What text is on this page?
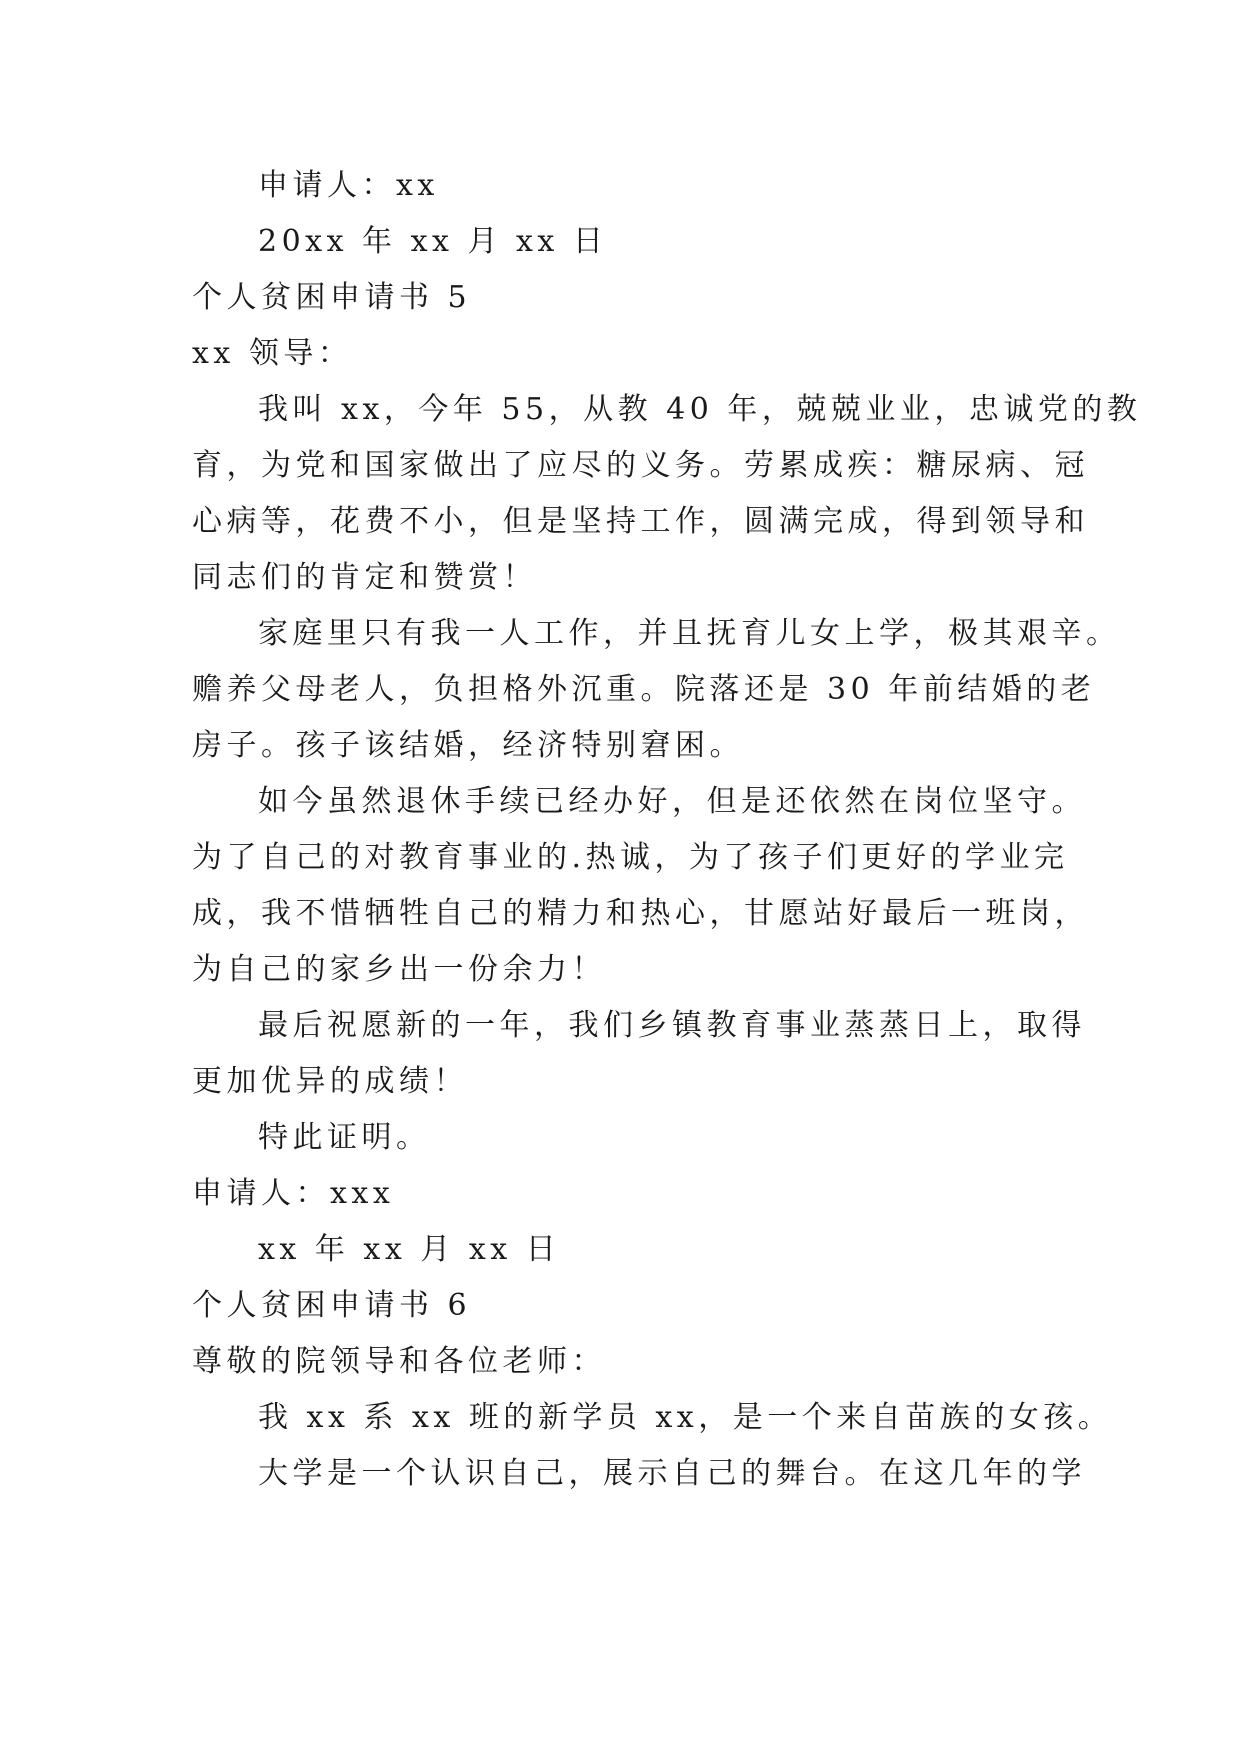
申请人：xx
20xx 年 xx 月 xx 日
个人贫困申请书 5
xx 领导：
我叫 xx，今年 55，从教 40 年，兢兢业业，忠诚党的教
育，为党和国家做出了应尽的义务。劳累成疾：糖尿病、冠
心病等，花费不小，但是坚持工作，圆满完成，得到领导和
同志们的肯定和赞赏！
家庭里只有我一人工作，并且抚育儿女上学，极其艰辛。
赡养父母老人，负担格外沉重。院落还是 30 年前结婚的老
房子。孩子该结婚，经济特别窘困。
如今虽然退休手续已经办好，但是还依然在岗位坚守。
为了自己的对教育事业的.热诚，为了孩子们更好的学业完
成，我不惜牺牲自己的精力和热心，甘愿站好最后一班岗，
为自己的家乡出一份余力！
最后祝愿新的一年，我们乡镇教育事业蒸蒸日上，取得
更加优异的成绩！
特此证明。
申请人：xxx
xx 年 xx 月 xx 日
个人贫困申请书 6
尊敬的院领导和各位老师：
我 xx 系 xx 班的新学员 xx，是一个来自苗族的女孩。
大学是一个认识自己，展示自己的舞台。在这几年的学
